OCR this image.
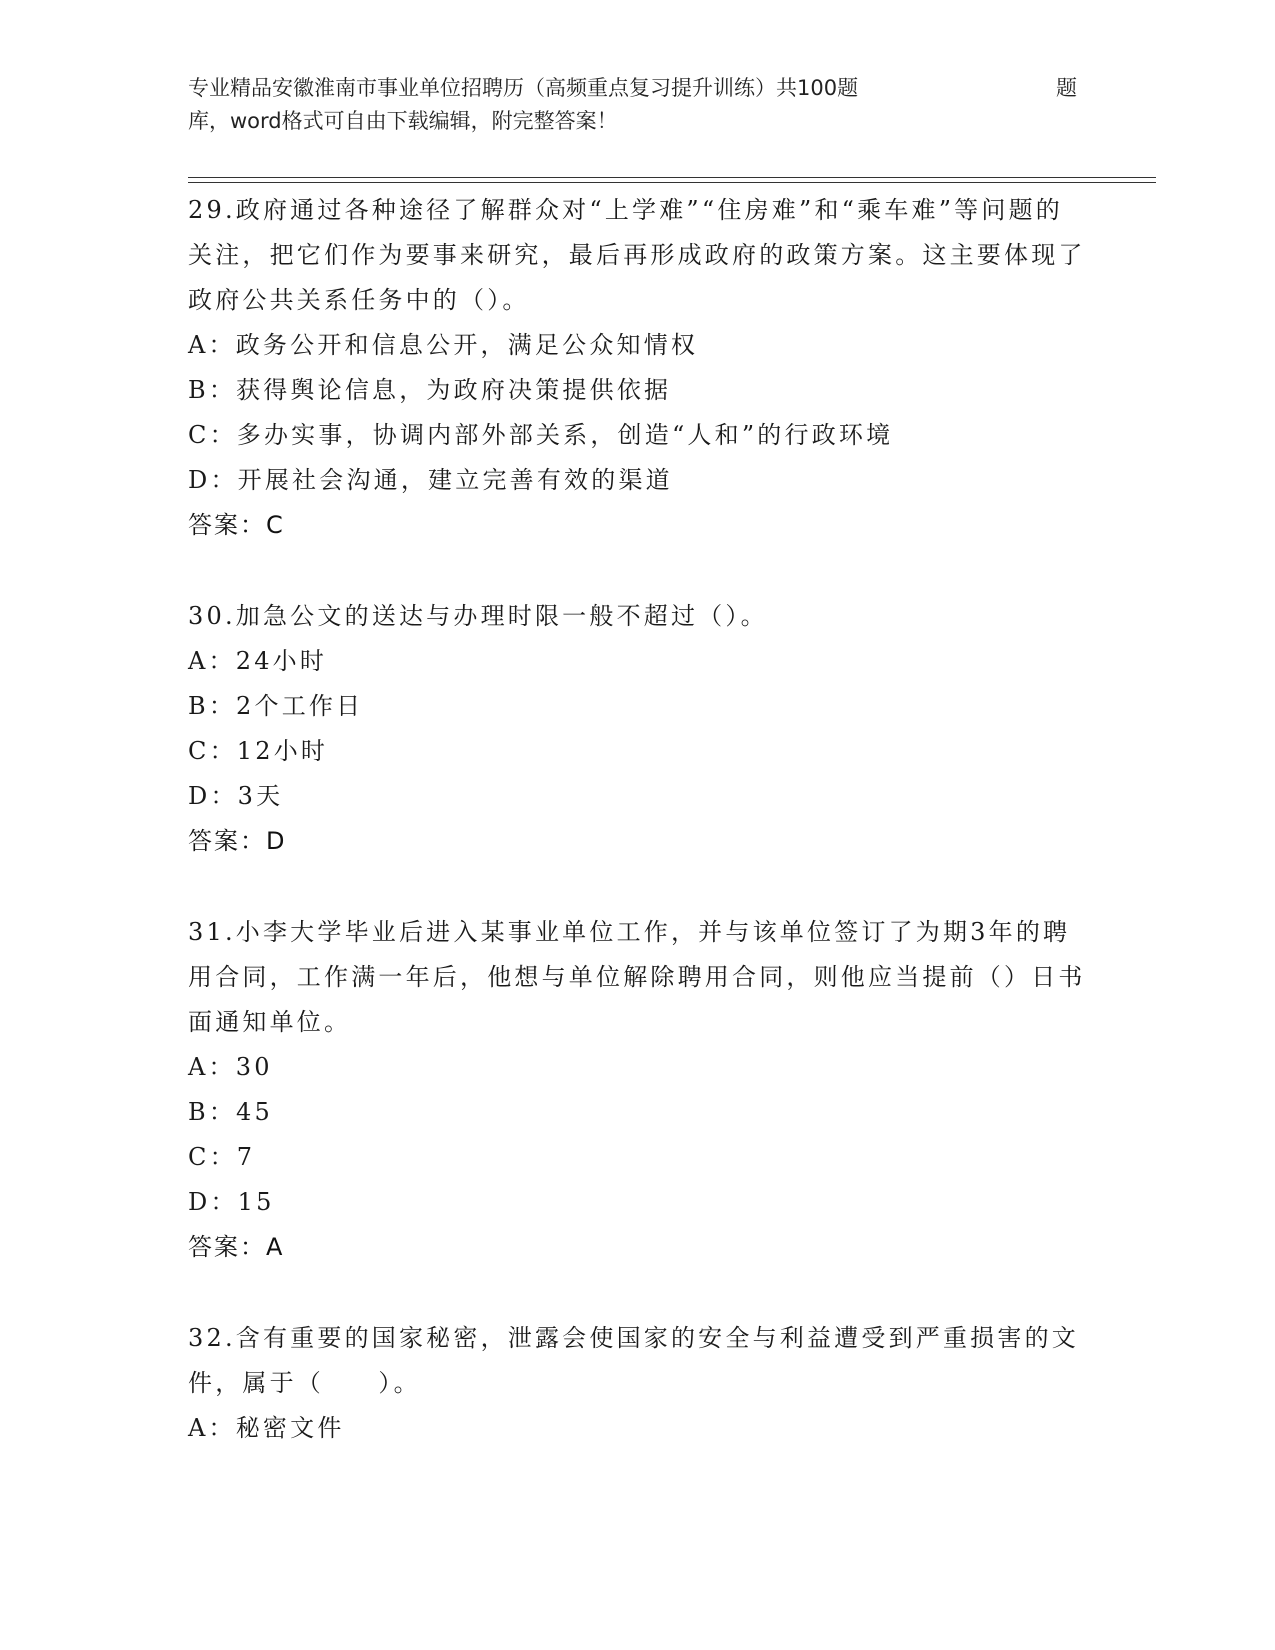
专业精品安徽淮南市事业单位招聘历（高频重点复习提升训练）共100题	题
库，word格式可自由下载编辑，附完整答案！
29.政府通过各种途径了解群众对“上学难”“住房难”和“乘车难”等问题的关注，把它们作为要事来研究，最后再形成政府的政策方案。这主要体现了政府公共关系任务中的（）。
A：政务公开和信息公开，满足公众知情权
B：获得舆论信息，为政府决策提供依据
C：多办实事，协调内部外部关系，创造“人和”的行政环境
D：开展社会沟通，建立完善有效的渠道
答案：C
30.加急公文的送达与办理时限一般不超过（）。
A：24小时
B：2个工作日
C：12小时
D：3天
答案：D
31.小李大学毕业后进入某事业单位工作，并与该单位签订了为期3年的聘用合同，工作满一年后，他想与单位解除聘用合同，则他应当提前（）日书面通知单位。
A：30
B：45
C：7
D：15
答案：A
32.含有重要的国家秘密，泄露会使国家的安全与利益遭受到严重损害的文件，属于（　　）。
A：秘密文件
